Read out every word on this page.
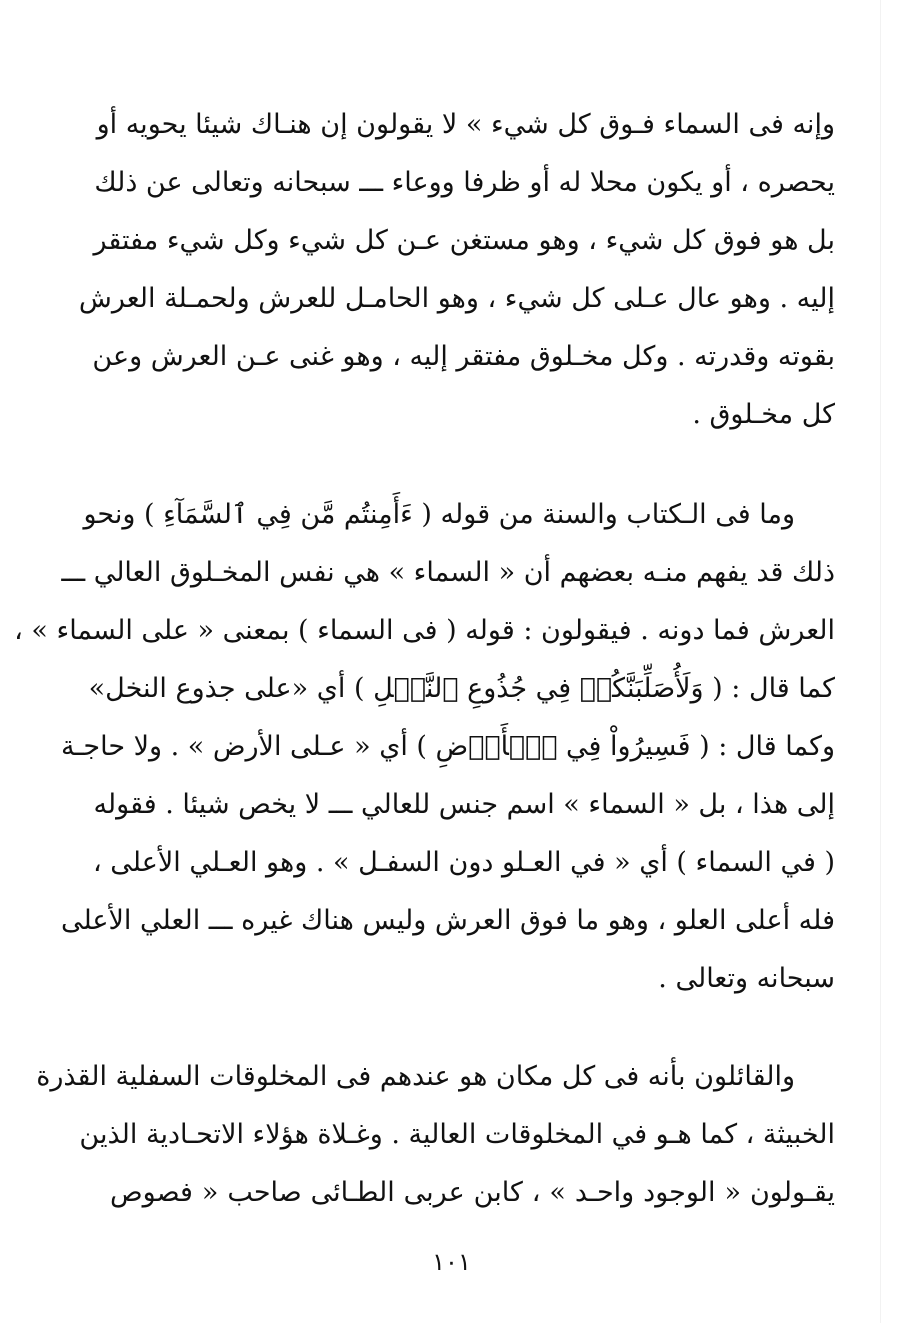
وإنه فى السماء فـوق كل شيء » لا يقولون إن هنـاك شيئا يحويه أو
يحصره ، أو يكون محلا له أو ظرفا ووعاء ـــ سبحانه وتعالى عن ذلك
بل هو فوق كل شيء ، وهو مستغن عـن كل شيء وكل شيء مفتقر
إليه . وهو عال عـلى كل شيء ، وهو الحامـل للعرش ولحمـلة العرش
بقوته وقدرته . وكل مخـلوق مفتقر إليه ، وهو غنى عـن العرش وعن
كل مخـلوق .
وما فى الـكتاب والسنة من قوله ( ءَأَمِنتُم مَّن فِي ٱلسَّمَآءِ ) ونحو
ذلك قد يفهم منـه بعضهم أن « السماء » هي نفس المخـلوق العالي ـــ
العرش فما دونه . فيقولون : قوله ( فى السماء ) بمعنى « على السماء » ،
كما قال : ( وَلَأُصَلِّبَنَّكُمۡ فِي جُذُوعِ ٱلنَّخۡلِ ) أي «على جذوع النخل»
وكما قال : ( فَسِيرُواْ فِي ٱلۡأَرۡضِ ) أي « عـلى الأرض » . ولا حاجـة
إلى هذا ، بل « السماء » اسم جنس للعالي ـــ لا يخص شيئا . فقوله
( في السماء ) أي « في العـلو دون السفـل » . وهو العـلي الأعلى ،
فله أعلى العلو ، وهو ما فوق العرش وليس هناك غيره ـــ العلي الأعلى
سبحانه وتعالى .
والقائلون بأنه فى كل مكان هو عندهم فى المخلوقات السفلية القذرة
الخبيثة ، كما هـو في المخلوقات العالية . وغـلاة هؤلاء الاتحـادية الذين
يقـولون « الوجود واحـد » ، كابن عربى الطـائى صاحب « فصوص
١٠١
